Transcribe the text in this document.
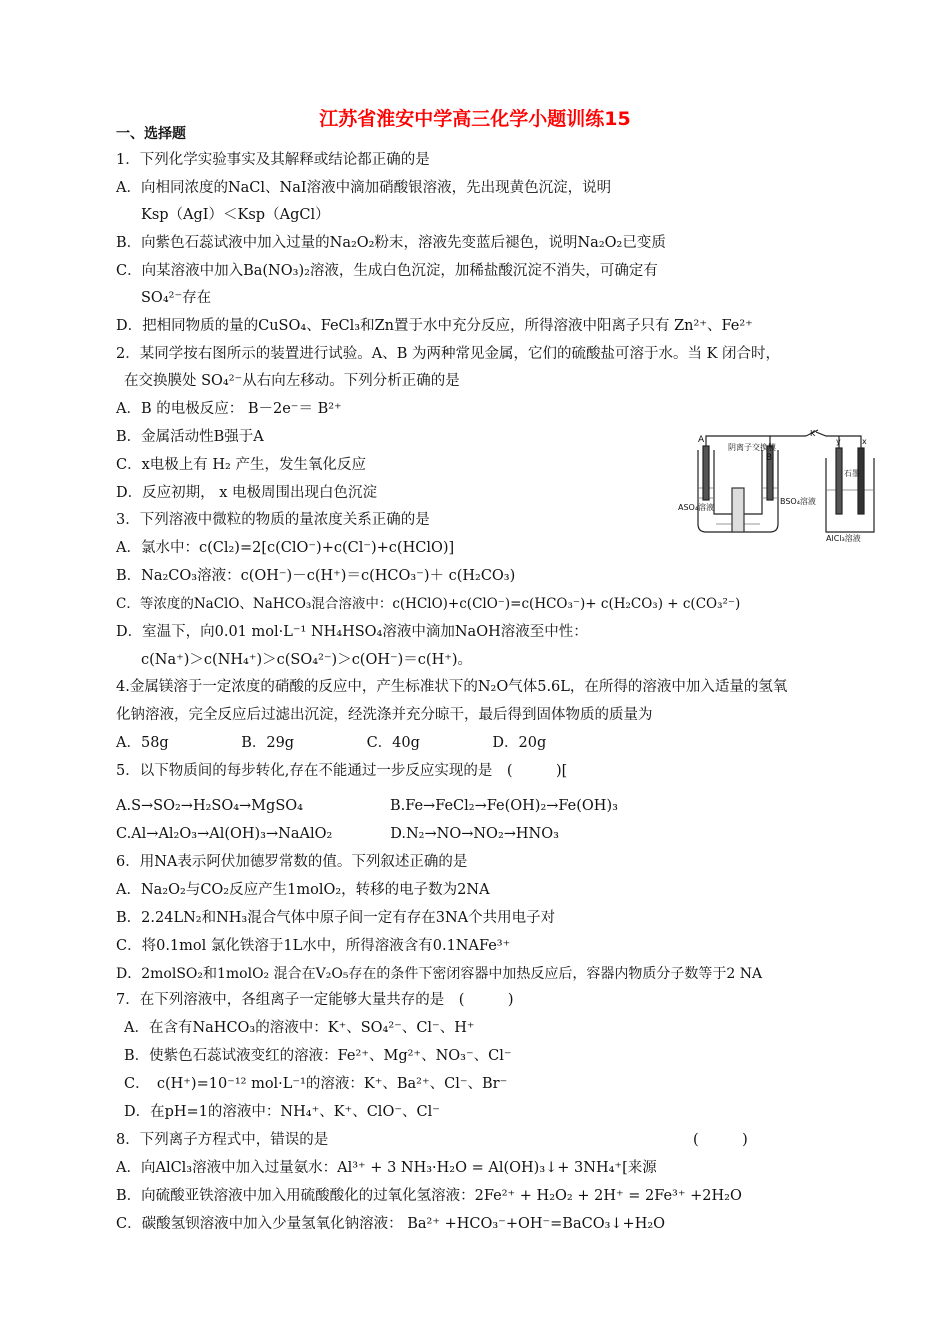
江苏省淮安中学高三化学小题训练15
一、选择题
1．下列化学实验事实及其解释或结论都正确的是
A．向相同浓度的NaCl、NaI溶液中滴加硝酸银溶液，先出现黄色沉淀，说明
Ksp（AgI）＜Ksp（AgCl）
B．向紫色石蕊试液中加入过量的Na₂O₂粉末，溶液先变蓝后褪色，说明Na₂O₂已变质
C．向某溶液中加入Ba(NO₃)₂溶液，生成白色沉淀，加稀盐酸沉淀不消失，可确定有
SO₄²⁻存在
D．把相同物质的量的CuSO₄、FeCl₃和Zn置于水中充分反应，所得溶液中阳离子只有 Zn²⁺、Fe²⁺
2．某同学按右图所示的装置进行试验。A、B 为两种常见金属，它们的硫酸盐可溶于水。当 K 闭合时，
在交换膜处 SO₄²⁻从右向左移动。下列分析正确的是
A．B 的电极反应： B－2e⁻＝ B²⁺
B．金属活动性B强于A
C．x电极上有 H₂ 产生，发生氧化反应
D．反应初期， x 电极周围出现白色沉淀
3．下列溶液中微粒的物质的量浓度关系正确的是
A．氯水中：c(Cl₂)=2[c(ClO⁻)+c(Cl⁻)+c(HClO)]
B．Na₂CO₃溶液：c(OH⁻)－c(H⁺)＝c(HCO₃⁻)＋ c(H₂CO₃)
C．等浓度的NaClO、NaHCO₃混合溶液中：c(HClO)+c(ClO⁻)=c(HCO₃⁻)+ c(H₂CO₃) + c(CO₃²⁻)
D．室温下，向0.01 mol·L⁻¹ NH₄HSO₄溶液中滴加NaOH溶液至中性：
c(Na⁺)＞c(NH₄⁺)＞c(SO₄²⁻)＞c(OH⁻)＝c(H⁺)。
4.金属镁溶于一定浓度的硝酸的反应中，产生标准状下的N₂O气体5.6L，在所得的溶液中加入适量的氢氧
化钠溶液，完全反应后过滤出沉淀，经洗涤并充分晾干，最后得到固体物质的质量为
A．58g　　　　　B．29g　　　　　C．40g　　　　　D．20g
5．以下物质间的每步转化,存在不能通过一步反应实现的是　(　　　)[
A.S→SO₂→H₂SO₄→MgSO₄　　　　　　B.Fe→FeCl₂→Fe(OH)₂→Fe(OH)₃
C.Al→Al₂O₃→Al(OH)₃→NaAlO₂　　　　D.N₂→NO→NO₂→HNO₃
6．用NA表示阿伏加德罗常数的值。下列叙述正确的是
A．Na₂O₂与CO₂反应产生1molO₂，转移的电子数为2NA
B．2.24LN₂和NH₃混合气体中原子间一定有存在3NA个共用电子对
C．将0.1mol 氯化铁溶于1L水中，所得溶液含有0.1NAFe³⁺
D．2molSO₂和1molO₂ 混合在V₂O₅存在的条件下密闭容器中加热反应后，容器内物质分子数等于2 NA
7．在下列溶液中，各组离子一定能够大量共存的是　(　　　)
A．在含有NaHCO₃的溶液中：K⁺、SO₄²⁻、Cl⁻、H⁺
B．使紫色石蕊试液变红的溶液：Fe²⁺、Mg²⁺、NO₃⁻、Cl⁻
C．　c(H⁺)=10⁻¹² mol·L⁻¹的溶液：K⁺、Ba²⁺、Cl⁻、Br⁻
D．在pH=1的溶液中：NH₄⁺、K⁺、ClO⁻、Cl⁻
8．下列离子方程式中，错误的是	(　　　)
A．向AlCl₃溶液中加入过量氨水：Al³⁺ + 3 NH₃·H₂O = Al(OH)₃↓+ 3NH₄⁺[来源
B．向硫酸亚铁溶液中加入用硫酸酸化的过氧化氢溶液：2Fe²⁺ + H₂O₂ + 2H⁺ = 2Fe³⁺ +2H₂O
C．碳酸氢钡溶液中加入少量氢氧化钠溶液： Ba²⁺ +HCO₃⁻+OH⁻=BaCO₃↓+H₂O
A
B
K
y	x
阴离子交换膜
石墨
ASO₄溶液
BSO₄溶液
AlCl₃溶液
